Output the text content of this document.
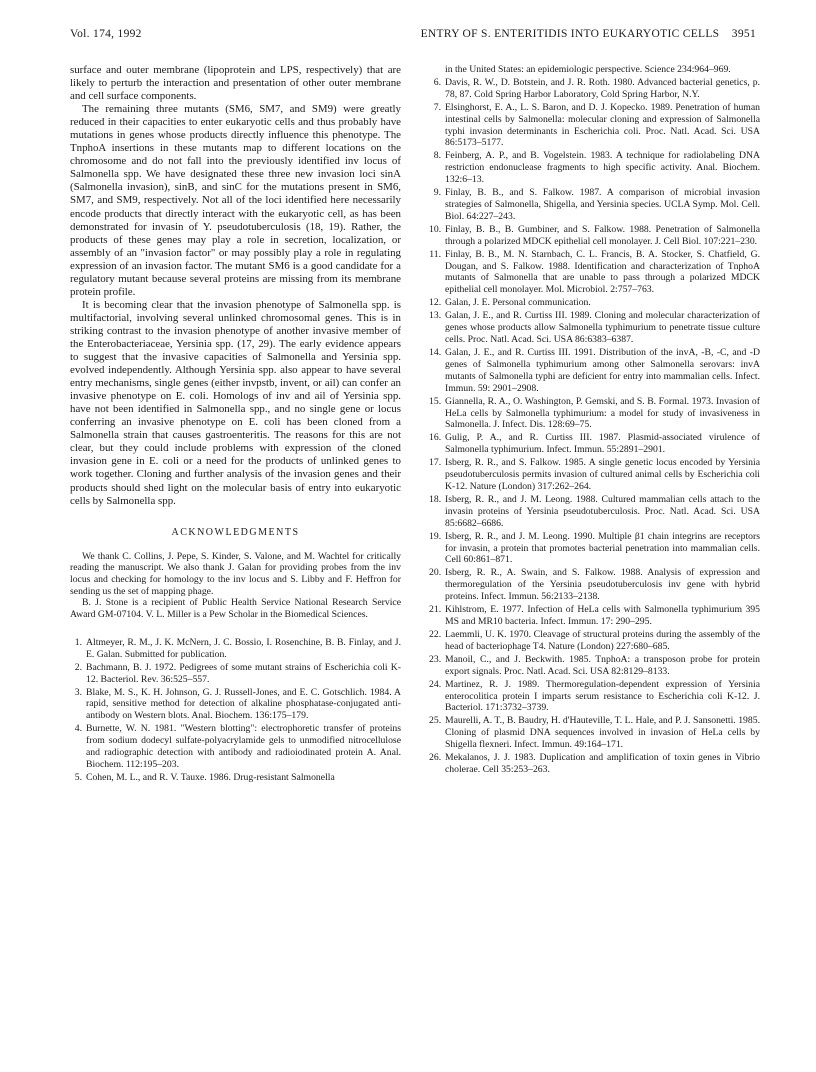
Vol. 174, 1992	ENTRY OF S. ENTERITIDIS INTO EUKARYOTIC CELLS	3951

surface and outer membrane (lipoprotein and LPS, respectively) that are likely to perturb the interaction and presentation of other outer membrane and cell surface components.

The remaining three mutants (SM6, SM7, and SM9) were greatly reduced in their capacities to enter eukaryotic cells and thus probably have mutations in genes whose products directly influence this phenotype. The TnphoA insertions in these mutants map to different locations on the chromosome and do not fall into the previously identified inv locus of Salmonella spp. We have designated these three new invasion loci sinA (Salmonella invasion), sinB, and sinC for the mutations present in SM6, SM7, and SM9, respectively. Not all of the loci identified here necessarily encode products that directly interact with the eukaryotic cell, as has been demonstrated for invasin of Y. pseudotuberculosis (18, 19). Rather, the products of these genes may play a role in secretion, localization, or assembly of an "invasion factor" or may possibly play a role in regulating expression of an invasion factor. The mutant SM6 is a good candidate for a regulatory mutant because several proteins are missing from its membrane protein profile.

It is becoming clear that the invasion phenotype of Salmonella spp. is multifactorial, involving several unlinked chromosomal genes. This is in striking contrast to the invasion phenotype of another invasive member of the Enterobacteriaceae, Yersinia spp. (17, 29). The early evidence appears to suggest that the invasive capacities of Salmonella and Yersinia spp. evolved independently. Although Yersinia spp. also appear to have several entry mechanisms, single genes (either invpstb, invent, or ail) can confer an invasive phenotype on E. coli. Homologs of inv and ail of Yersinia spp. have not been identified in Salmonella spp., and no single gene or locus conferring an invasive phenotype on E. coli has been cloned from a Salmonella strain that causes gastroenteritis. The reasons for this are not clear, but they could include problems with expression of the cloned invasion gene in E. coli or a need for the products of unlinked genes to work together. Cloning and further analysis of the invasion genes and their products should shed light on the molecular basis of entry into eukaryotic cells by Salmonella spp.

ACKNOWLEDGMENTS

We thank C. Collins, J. Pepe, S. Kinder, S. Valone, and M. Wachtel for critically reading the manuscript. We also thank J. Galan for providing probes from the inv locus and checking for homology to the inv locus and S. Libby and F. Heffron for sending us the set of mapping phage.

B. J. Stone is a recipient of Public Health Service National Research Service Award GM-07104. V. L. Miller is a Pew Scholar in the Biomedical Sciences.

1. Altmeyer, R. M., J. K. McNern, J. C. Bossio, I. Rosenchine, B. B. Finlay, and J. E. Galan. Submitted for publication.
2. Bachmann, B. J. 1972. Pedigrees of some mutant strains of Escherichia coli K-12. Bacteriol. Rev. 36:525–557.
3. Blake, M. S., K. H. Johnson, G. J. Russell-Jones, and E. C. Gotschlich. 1984. A rapid, sensitive method for detection of alkaline phosphatase-conjugated anti-antibody on Western blots. Anal. Biochem. 136:175–179.
4. Burnette, W. N. 1981. "Western blotting": electrophoretic transfer of proteins from sodium dodecyl sulfate-polyacrylamide gels to unmodified nitrocellulose and radiographic detection with antibody and radioiodinated protein A. Anal. Biochem. 112:195–203.
5. Cohen, M. L., and R. V. Tauxe. 1986. Drug-resistant Salmonella
in the United States: an epidemiologic perspective. Science 234:964–969.
6. Davis, R. W., D. Botstein, and J. R. Roth. 1980. Advanced bacterial genetics, p. 78, 87. Cold Spring Harbor Laboratory, Cold Spring Harbor, N.Y.
7. Elsinghorst, E. A., L. S. Baron, and D. J. Kopecko. 1989. Penetration of human intestinal cells by Salmonella: molecular cloning and expression of Salmonella typhi invasion determinants in Escherichia coli. Proc. Natl. Acad. Sci. USA 86:5173–5177.
8. Feinberg, A. P., and B. Vogelstein. 1983. A technique for radiolabeling DNA restriction endonuclease fragments to high specific activity. Anal. Biochem. 132:6–13.
9. Finlay, B. B., and S. Falkow. 1987. A comparison of microbial invasion strategies of Salmonella, Shigella, and Yersinia species. UCLA Symp. Mol. Cell. Biol. 64:227–243.
10. Finlay, B. B., B. Gumbiner, and S. Falkow. 1988. Penetration of Salmonella through a polarized MDCK epithelial cell monolayer. J. Cell Biol. 107:221–230.
11. Finlay, B. B., M. N. Starnbach, C. L. Francis, B. A. Stocker, S. Chatfield, G. Dougan, and S. Falkow. 1988. Identification and characterization of TnphoA mutants of Salmonella that are unable to pass through a polarized MDCK epithelial cell monolayer. Mol. Microbiol. 2:757–763.
12. Galan, J. E. Personal communication.
13. Galan, J. E., and R. Curtiss III. 1989. Cloning and molecular characterization of genes whose products allow Salmonella typhimurium to penetrate tissue culture cells. Proc. Natl. Acad. Sci. USA 86:6383–6387.
14. Galan, J. E., and R. Curtiss III. 1991. Distribution of the invA, -B, -C, and -D genes of Salmonella typhimurium among other Salmonella serovars: invA mutants of Salmonella typhi are deficient for entry into mammalian cells. Infect. Immun. 59: 2901–2908.
15. Giannella, R. A., O. Washington, P. Gemski, and S. B. Formal. 1973. Invasion of HeLa cells by Salmonella typhimurium: a model for study of invasiveness in Salmonella. J. Infect. Dis. 128:69–75.
16. Gulig, P. A., and R. Curtiss III. 1987. Plasmid-associated virulence of Salmonella typhimurium. Infect. Immun. 55:2891–2901.
17. Isberg, R. R., and S. Falkow. 1985. A single genetic locus encoded by Yersinia pseudotuberculosis permits invasion of cultured animal cells by Escherichia coli K-12. Nature (London) 317:262–264.
18. Isberg, R. R., and J. M. Leong. 1988. Cultured mammalian cells attach to the invasin proteins of Yersinia pseudotuberculosis. Proc. Natl. Acad. Sci. USA 85:6682–6686.
19. Isberg, R. R., and J. M. Leong. 1990. Multiple β1 chain integrins are receptors for invasin, a protein that promotes bacterial penetration into mammalian cells. Cell 60:861–871.
20. Isberg, R. R., A. Swain, and S. Falkow. 1988. Analysis of expression and thermoregulation of the Yersinia pseudotuberculosis inv gene with hybrid proteins. Infect. Immun. 56:2133–2138.
21. Kihlstrom, E. 1977. Infection of HeLa cells with Salmonella typhimurium 395 MS and MR10 bacteria. Infect. Immun. 17: 290–295.
22. Laemmli, U. K. 1970. Cleavage of structural proteins during the assembly of the head of bacteriophage T4. Nature (London) 227:680–685.
23. Manoil, C., and J. Beckwith. 1985. TnphoA: a transposon probe for protein export signals. Proc. Natl. Acad. Sci. USA 82:8129–8133.
24. Martinez, R. J. 1989. Thermoregulation-dependent expression of Yersinia enterocolitica protein I imparts serum resistance to Escherichia coli K-12. J. Bacteriol. 171:3732–3739.
25. Maurelli, A. T., B. Baudry, H. d'Hauteville, T. L. Hale, and P. J. Sansonetti. 1985. Cloning of plasmid DNA sequences involved in invasion of HeLa cells by Shigella flexneri. Infect. Immun. 49:164–171.
26. Mekalanos, J. J. 1983. Duplication and amplification of toxin genes in Vibrio cholerae. Cell 35:253–263.
